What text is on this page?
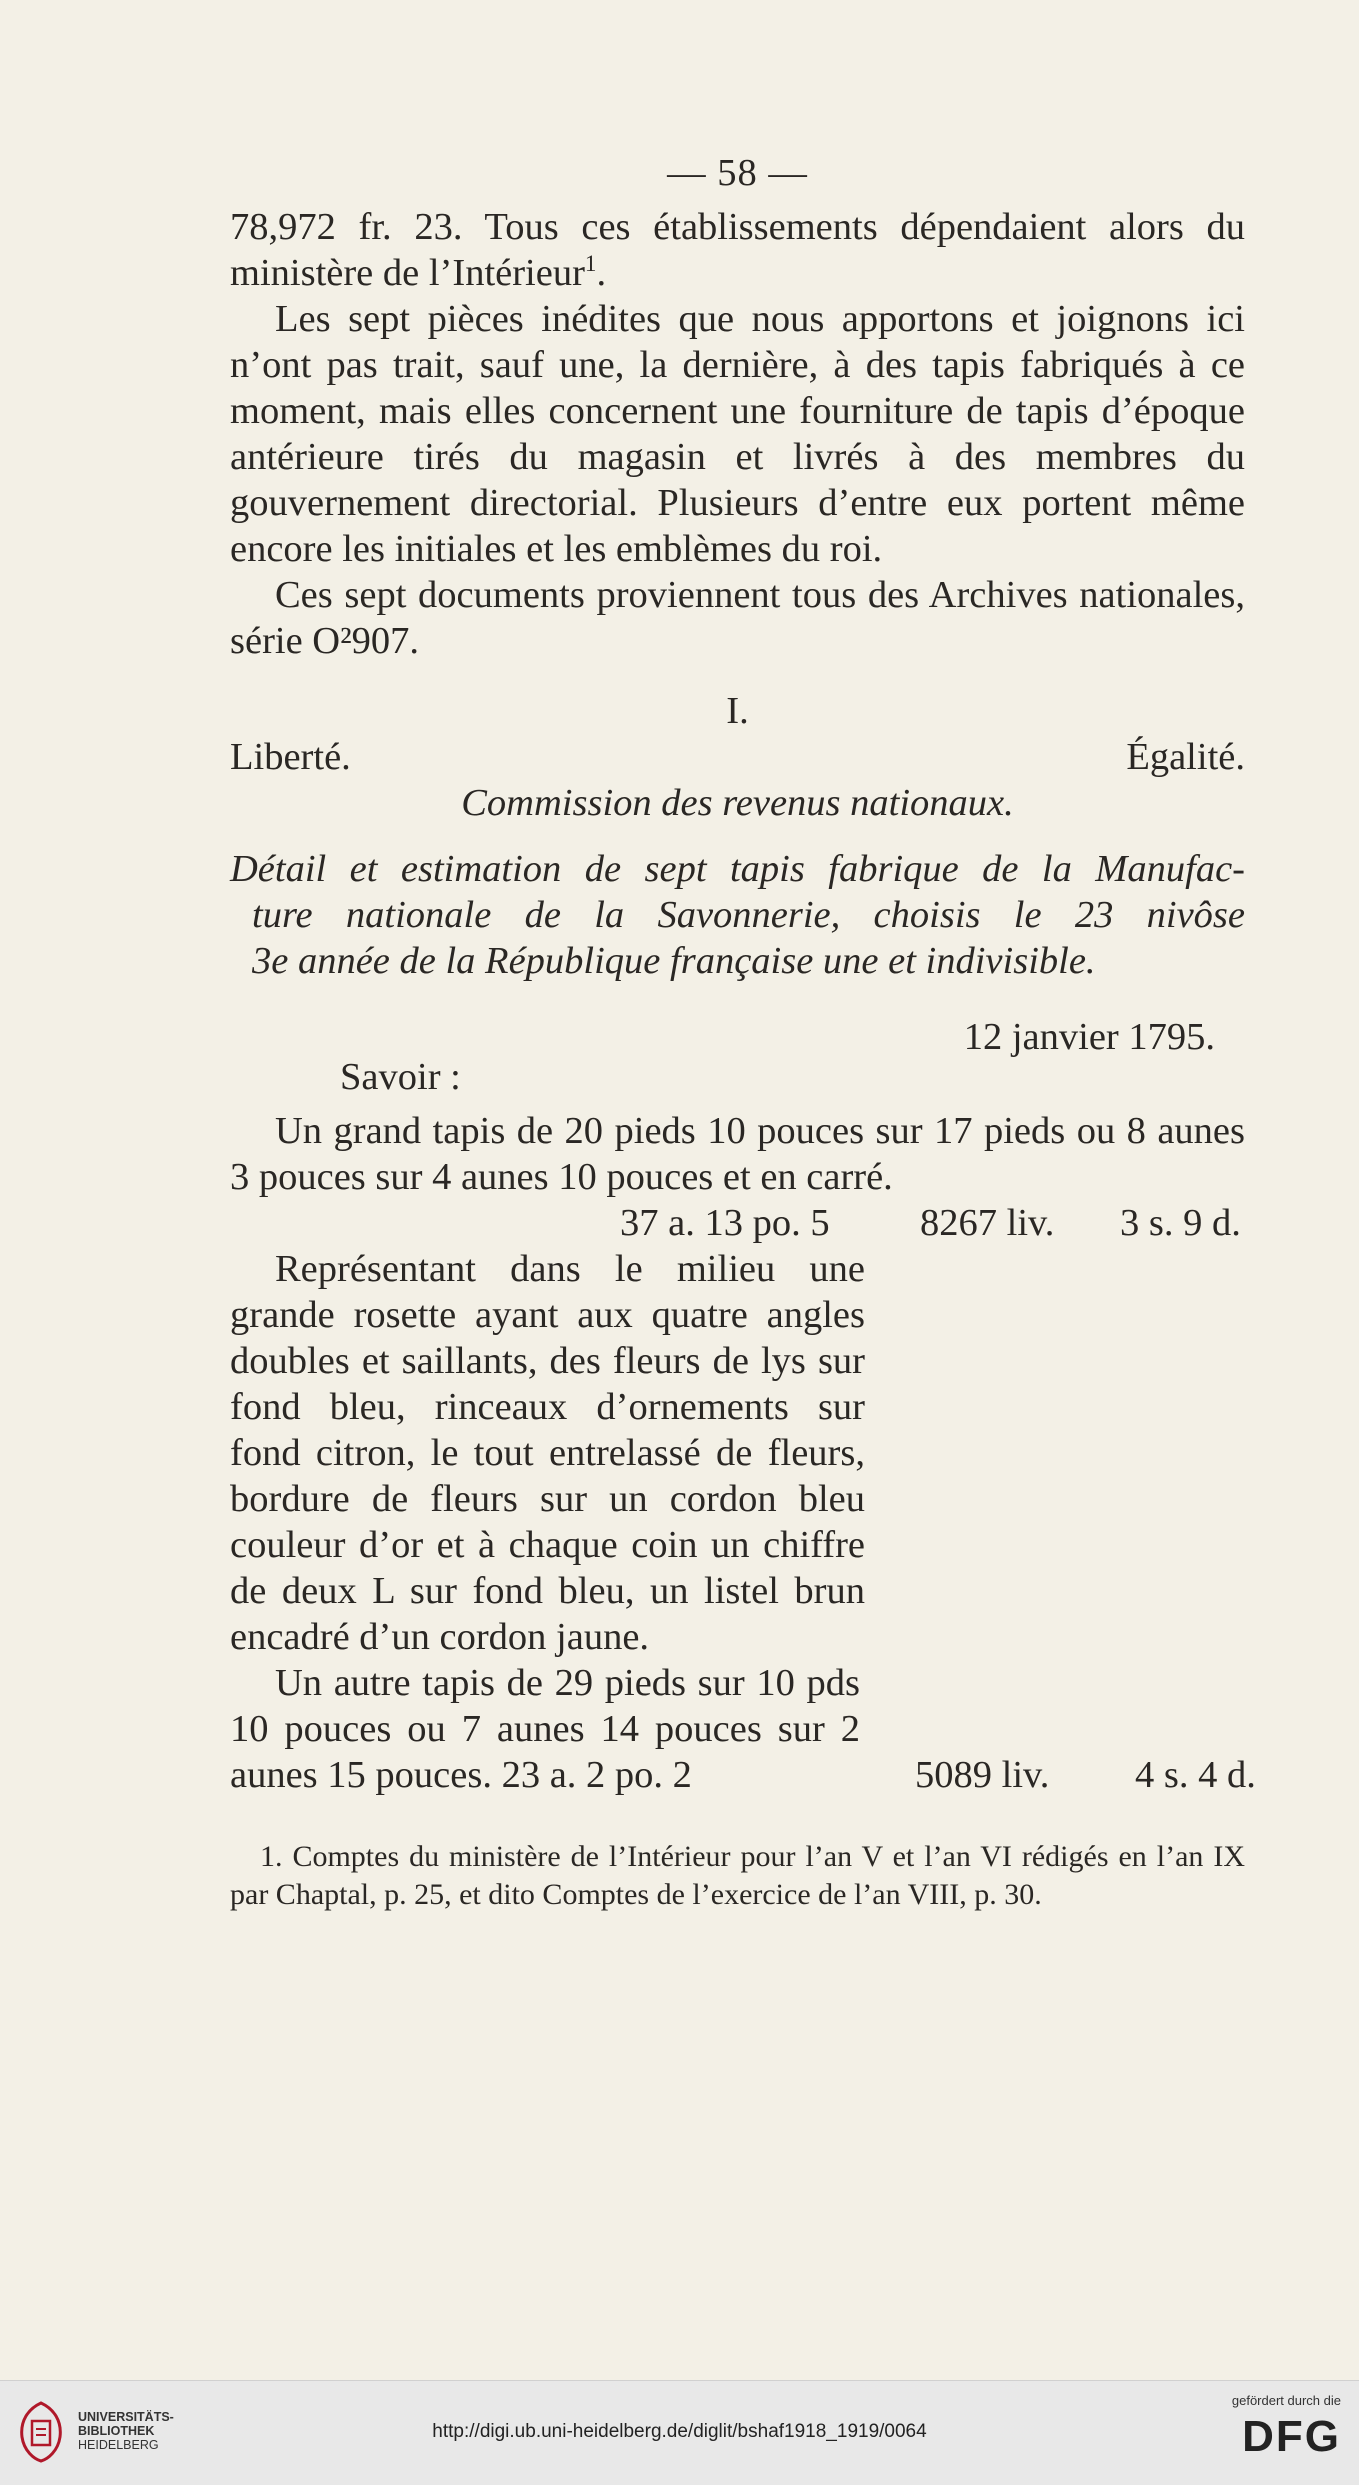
— 58 —

78,972 fr. 23. Tous ces établissements dépendaient alors du ministère de l’Intérieur$^1$.

Les sept pièces inédites que nous apportons et joignons ici n’ont pas trait, sauf une, la dernière, à des tapis fabriqués à ce moment, mais elles concernent une fourniture de tapis d’époque antérieure tirés du magasin et livrés à des membres du gouvernement directorial. Plusieurs d’entre eux portent même encore les initiales et les emblèmes du roi.

Ces sept documents proviennent tous des Archives nationales, série O²907.

I.
Liberté.	Égalité.
Commission des revenus nationaux.
Détail et estimation de sept tapis fabrique de la Manufac-
ture nationale de la Savonnerie, choisis le 23 nivôse
3e année de la République française une et indivisible.
12 janvier 1795.
Savoir :

Un grand tapis de 20 pieds 10 pouces sur 17 pieds ou 8 aunes 3 pouces sur 4 aunes 10 pouces et en carré.

37 a. 13 po. 5 8267 liv. 3 s. 9 d.

Représentant dans le milieu une grande rosette ayant aux quatre angles doubles et saillants, des fleurs de lys sur fond bleu, rinceaux d’ornements sur fond citron, le tout entrelassé de fleurs, bordure de fleurs sur un cordon bleu couleur d’or et à chaque coin un chiffre de deux L sur fond bleu, un listel brun encadré d’un cordon jaune.

Un autre tapis de 29 pieds sur 10 pds 10 pouces ou 7 aunes 14 pouces sur 2 aunes 15 pouces. 23 a. 2 po. 2	5089 liv. 4 s. 4 d.

1. Comptes du ministère de l’Intérieur pour l’an V et l’an VI rédigés en l’an IX par Chaptal, p. 25, et dito Comptes de l’exercice de l’an VIII, p. 30.

UNIVERSITÄTS-
BIBLIOTHEK
HEIDELBERG
http://digi.ub.uni-heidelberg.de/diglit/bshaf1918_1919/0064
gefördert durch die
DFG
